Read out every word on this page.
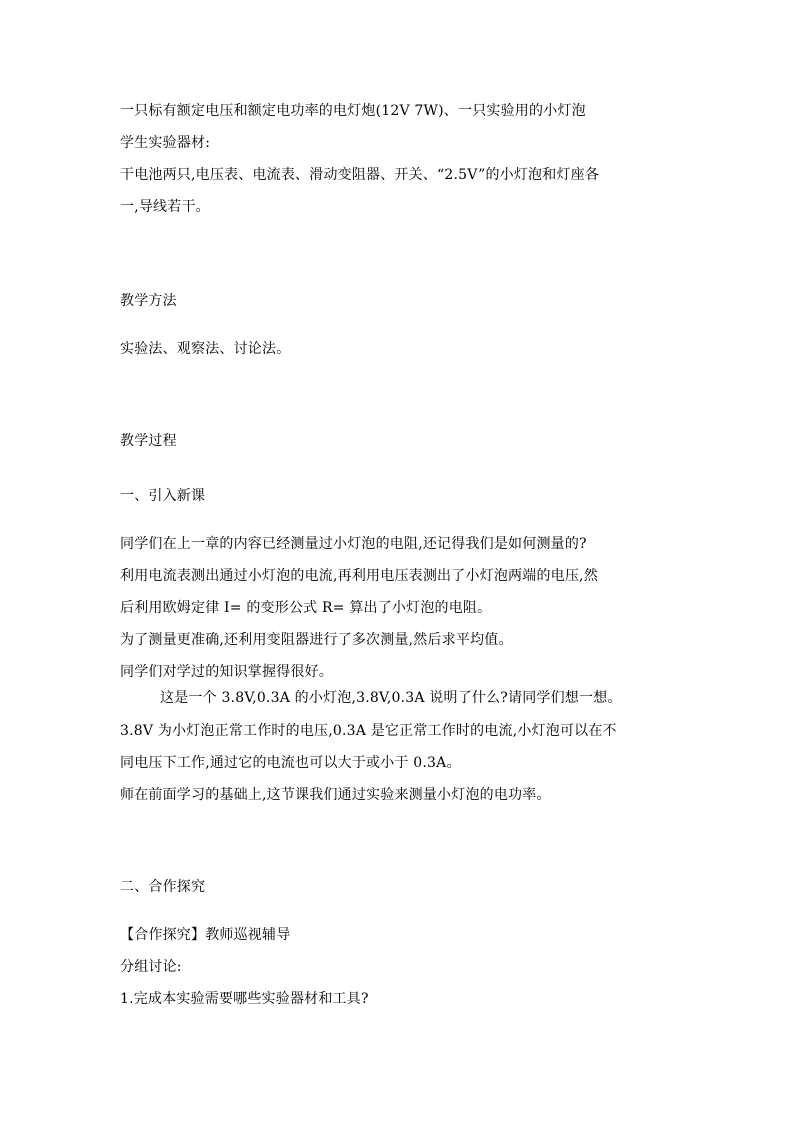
一只标有额定电压和额定电功率的电灯炮(12V 7W)、一只实验用的小灯泡
学生实验器材:
干电池两只,电压表、电流表、滑动变阻器、开关、“2.5V”的小灯泡和灯座各
一,导线若干。
教学方法
实验法、观察法、讨论法。
教学过程
一、引入新课
同学们在上一章的内容已经测量过小灯泡的电阻,还记得我们是如何测量的?
利用电流表测出通过小灯泡的电流,再利用电压表测出了小灯泡两端的电压,然
后利用欧姆定律 I= 的变形公式 R= 算出了小灯泡的电阻。
为了测量更准确,还利用变阻器进行了多次测量,然后求平均值。
同学们对学过的知识掌握得很好。
这是一个 3.8V,0.3A 的小灯泡,3.8V,0.3A 说明了什么?请同学们想一想。
3.8V 为小灯泡正常工作时的电压,0.3A 是它正常工作时的电流,小灯泡可以在不
同电压下工作,通过它的电流也可以大于或小于 0.3A。
师在前面学习的基础上,这节课我们通过实验来测量小灯泡的电功率。
二、合作探究
【合作探究】教师巡视辅导
分组讨论:
1.完成本实验需要哪些实验器材和工具?
